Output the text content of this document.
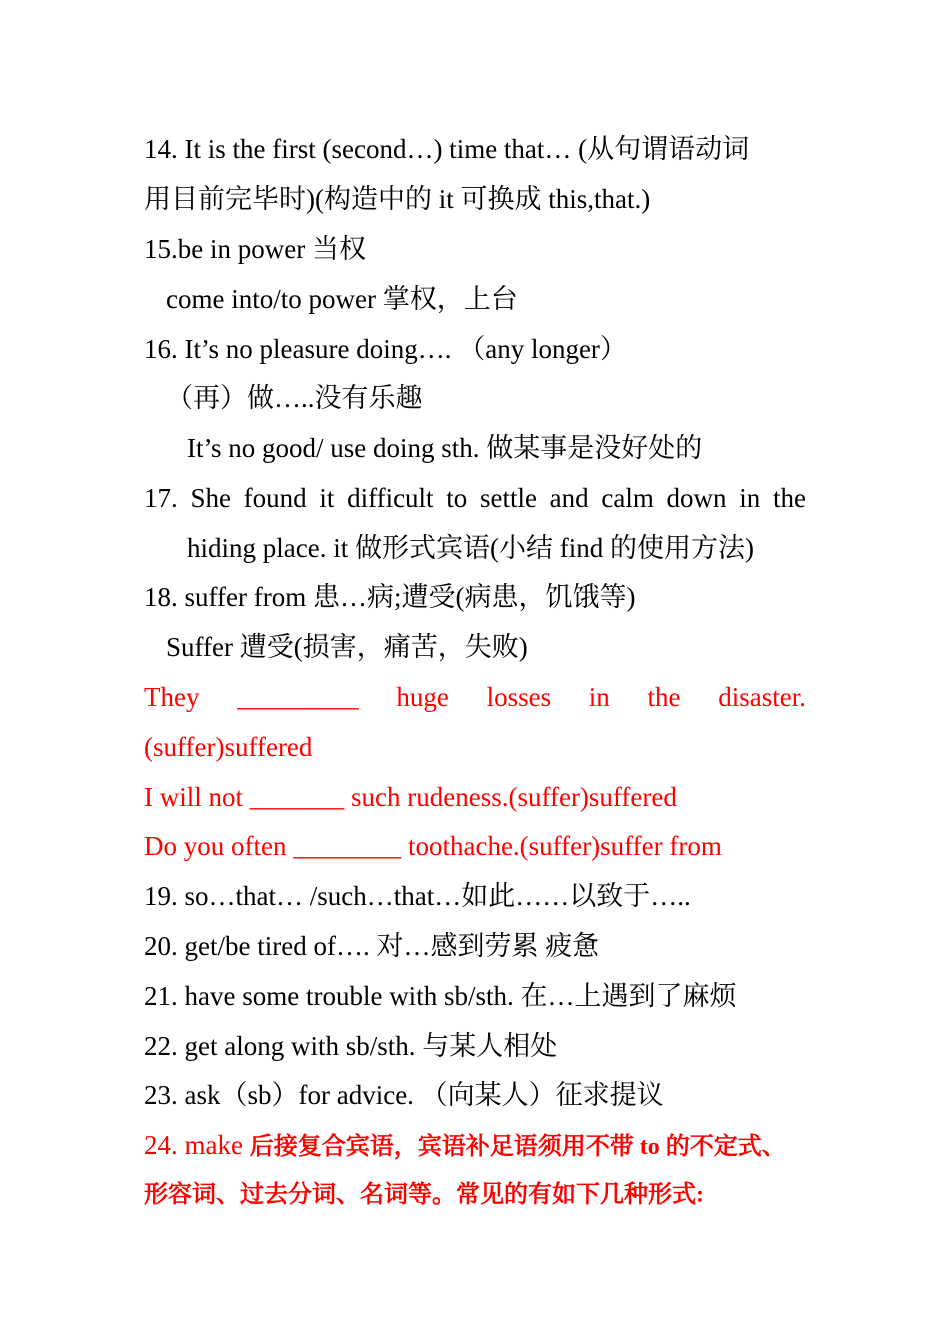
14. It is the first (second…) time that… (从句谓语动词
用目前完毕时)(构造中的 it 可换成 this,that.)
15.be in power 当权
come into/to power 掌权，上台
16. It’s no pleasure doing…. （any longer）
（再）做…..没有乐趣
It’s no good/ use doing sth. 做某事是没好处的
17. She found it difficult to settle and calm down in the
hiding place. it 做形式宾语(小结 find 的使用方法)
18. suffer from 患…病;遭受(病患，饥饿等)
Suffer 遭受(损害，痛苦，失败)
They _________ huge losses in the disaster.
(suffer)suffered
I will not _______ such rudeness.(suffer)suffered
Do you often ________ toothache.(suffer)suffer from
19. so…that… /such…that…如此……以致于…..
20. get/be tired of…. 对…感到劳累 疲惫
21. have some trouble with sb/sth. 在…上遇到了麻烦
22. get along with sb/sth. 与某人相处
23. ask（sb）for advice. （向某人）征求提议
24. make 后接复合宾语，宾语补足语须用不带 to 的不定式、
形容词、过去分词、名词等。常见的有如下几种形式:
